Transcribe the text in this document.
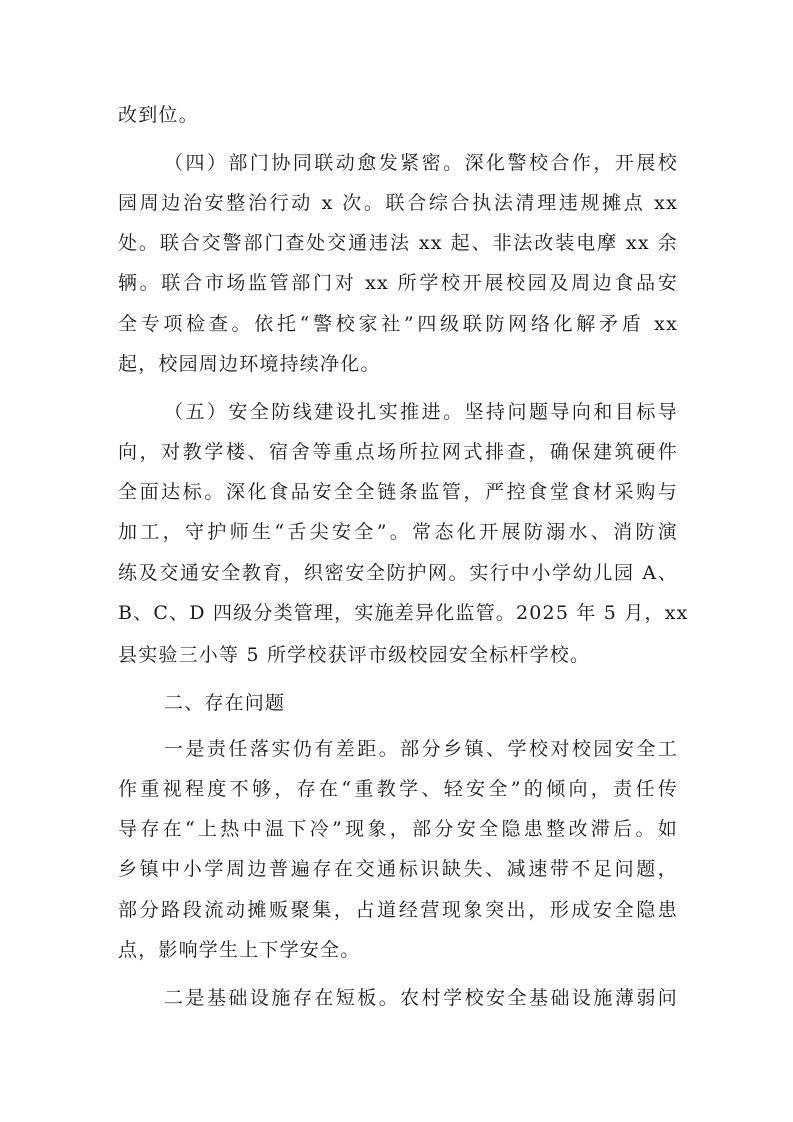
改到位。
（四）部门协同联动愈发紧密。深化警校合作，开展校
园周边治安整治行动 x 次。联合综合执法清理违规摊点 xx
处。联合交警部门查处交通违法 xx 起、非法改装电摩 xx 余
辆。联合市场监管部门对 xx 所学校开展校园及周边食品安
全专项检查。依托“警校家社”四级联防网络化解矛盾 xx
起，校园周边环境持续净化。
（五）安全防线建设扎实推进。坚持问题导向和目标导
向，对教学楼、宿舍等重点场所拉网式排查，确保建筑硬件
全面达标。深化食品安全全链条监管，严控食堂食材采购与
加工，守护师生“舌尖安全”。常态化开展防溺水、消防演
练及交通安全教育，织密安全防护网。实行中小学幼儿园 A、
B、C、D 四级分类管理，实施差异化监管。2025 年 5 月，xx
县实验三小等 5 所学校获评市级校园安全标杆学校。
二、存在问题
一是责任落实仍有差距。部分乡镇、学校对校园安全工
作重视程度不够，存在“重教学、轻安全”的倾向，责任传
导存在“上热中温下冷”现象，部分安全隐患整改滞后。如
乡镇中小学周边普遍存在交通标识缺失、减速带不足问题，
部分路段流动摊贩聚集，占道经营现象突出，形成安全隐患
点，影响学生上下学安全。
二是基础设施存在短板。农村学校安全基础设施薄弱问
